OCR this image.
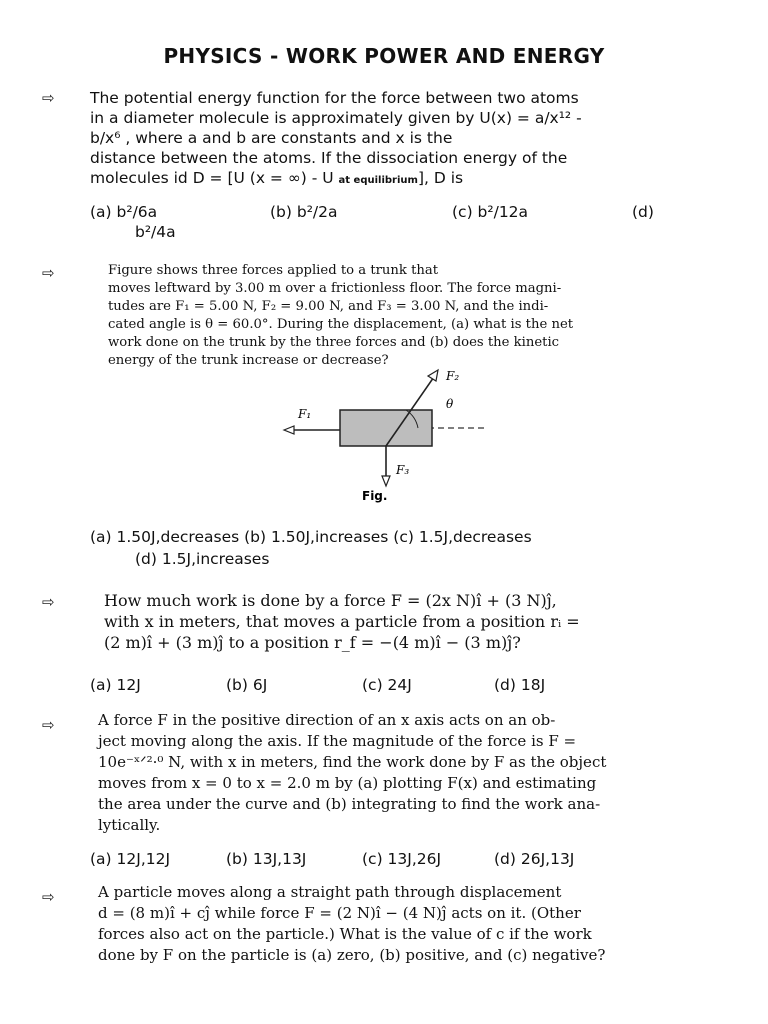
PHYSICS - WORK POWER AND ENERGY
⇨ The potential energy function for the force between two atoms
in a diameter molecule is approximately given by U(x) = a/x¹² -
b/x⁶ , where a and b are constants and x is the
distance between the atoms. If the dissociation energy of the
molecules id D = [U (x = ∞) - U at equilibrium], D is
(a) b²/6a	(b) b²/2a	(c) b²/12a	(d)
b²/4a
⇨	Figure shows three forces applied to a trunk that
moves leftward by 3.00 m over a frictionless floor. The force magni-
tudes are F₁ = 5.00 N, F₂ = 9.00 N, and F₃ = 3.00 N, and the indi-
cated angle is θ = 60.0°. During the displacement, (a) what is the net
work done on the trunk by the three forces and (b) does the kinetic
energy of the trunk increase or decrease?
F₁
F₂
θ
F₃
Fig.
(a) 1.50J,decreases (b) 1.50J,increases (c) 1.5J,decreases
(d) 1.5J,increases
⇨	How much work is done by a force F = (2x N)î + (3 N)ĵ,
with x in meters, that moves a particle from a position rᵢ =
(2 m)î + (3 m)ĵ to a position r_f = −(4 m)î − (3 m)ĵ?
(a) 12J	(b) 6J	(c) 24J	(d) 18J
⇨	A force F in the positive direction of an x axis acts on an ob-
ject moving along the axis. If the magnitude of the force is F =
10e⁻ˣᐟ²·⁰ N, with x in meters, find the work done by F as the object
moves from x = 0 to x = 2.0 m by (a) plotting F(x) and estimating
the area under the curve and (b) integrating to find the work ana-
lytically.
(a) 12J,12J	(b) 13J,13J	(c) 13J,26J	(d) 26J,13J
⇨	A particle moves along a straight path through displacement
d = (8 m)î + cĵ while force F = (2 N)î − (4 N)ĵ acts on it. (Other
forces also act on the particle.) What is the value of c if the work
done by F on the particle is (a) zero, (b) positive, and (c) negative?
